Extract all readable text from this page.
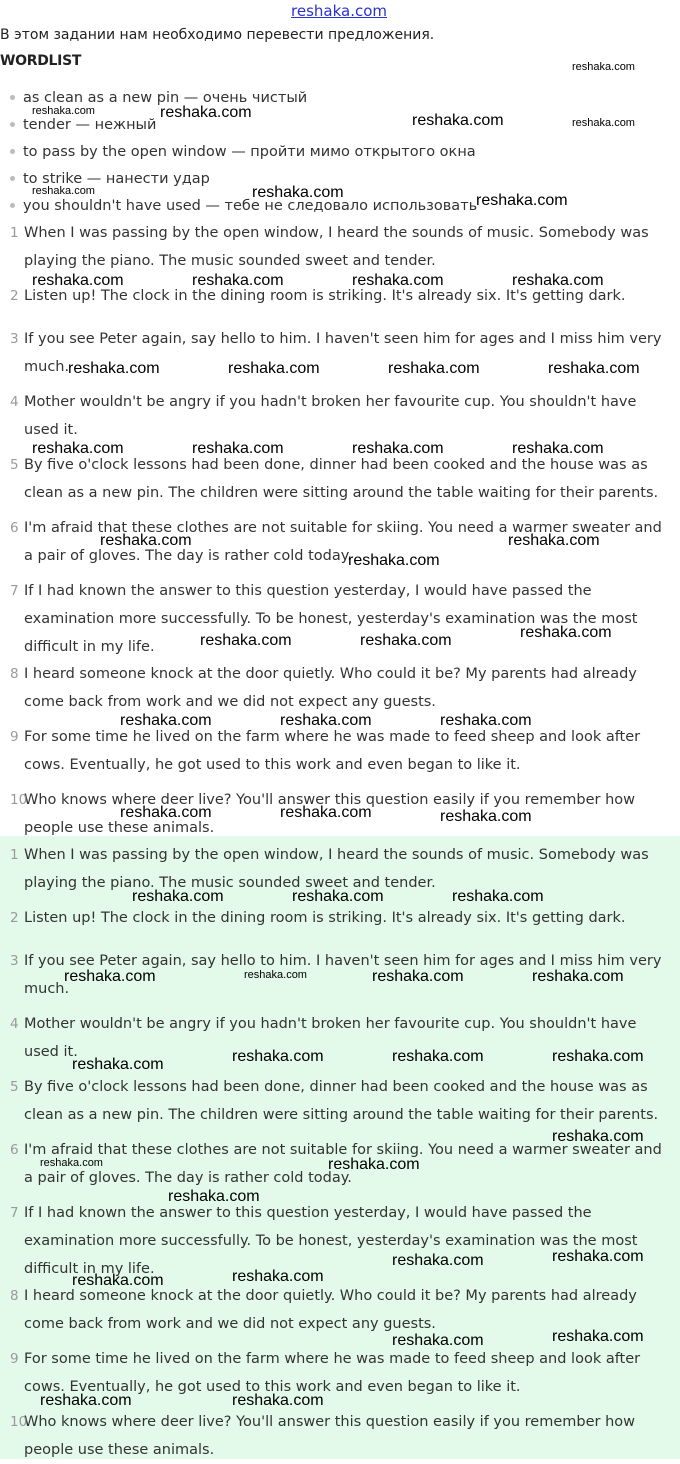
reshaka.com
В этом задании нам необходимо перевести предложения.
WORDLIST
as clean as a new pin — очень чистый
tender — нежный
to pass by the open window — пройти мимо открытого окна
to strike — нанести удар
you shouldn't have used — тебе не следовало использовать
1 When I was passing by the open window, I heard the sounds of music. Somebody was playing the piano. The music sounded sweet and tender.
2 Listen up! The clock in the dining room is striking. It's already six. It's getting dark.
3 If you see Peter again, say hello to him. I haven't seen him for ages and I miss him very much.
4 Mother wouldn't be angry if you hadn't broken her favourite cup. You shouldn't have used it.
5 By five o'clock lessons had been done, dinner had been cooked and the house was as clean as a new pin. The children were sitting around the table waiting for their parents.
6 I'm afraid that these clothes are not suitable for skiing. You need a warmer sweater and a pair of gloves. The day is rather cold today.
7 If I had known the answer to this question yesterday, I would have passed the examination more successfully. To be honest, yesterday's examination was the most difficult in my life.
8 I heard someone knock at the door quietly. Who could it be? My parents had already come back from work and we did not expect any guests.
9 For some time he lived on the farm where he was made to feed sheep and look after cows. Eventually, he got used to this work and even began to like it.
10
Who knows where deer live? You'll answer this question easily if you remember how people use these animals.
1 When I was passing by the open window, I heard the sounds of music. Somebody was playing the piano. The music sounded sweet and tender.
2 Listen up! The clock in the dining room is striking. It's already six. It's getting dark.
3 If you see Peter again, say hello to him. I haven't seen him for ages and I miss him very much.
4 Mother wouldn't be angry if you hadn't broken her favourite cup. You shouldn't have used it.
5 By five o'clock lessons had been done, dinner had been cooked and the house was as clean as a new pin. The children were sitting around the table waiting for their parents.
6 I'm afraid that these clothes are not suitable for skiing. You need a warmer sweater and a pair of gloves. The day is rather cold today.
7 If I had known the answer to this question yesterday, I would have passed the examination more successfully. To be honest, yesterday's examination was the most difficult in my life.
8 I heard someone knock at the door quietly. Who could it be? My parents had already come back from work and we did not expect any guests.
9 For some time he lived on the farm where he was made to feed sheep and look after cows. Eventually, he got used to this work and even began to like it.
10
Who knows where deer live? You'll answer this question easily if you remember how people use these animals.
reshaka.com
reshaka.com	reshaka.com	reshaka.com	reshaka.com
reshaka.com	reshaka.com	reshaka.com
reshaka.com	reshaka.com	reshaka.com	reshaka.com
reshaka.com	reshaka.com	reshaka.com	reshaka.com
reshaka.com	reshaka.com	reshaka.com	reshaka.com
reshaka.com
reshaka.com
reshaka.com
reshaka.com	reshaka.com	reshaka.com
reshaka.com	reshaka.com	reshaka.com
reshaka.com	reshaka.com	reshaka.com
reshaka.com	reshaka.com	reshaka.com
reshaka.com	reshaka.com	reshaka.com	reshaka.com
reshaka.com	reshaka.com	reshaka.com	reshaka.com
reshaka.com
reshaka.com	reshaka.com
reshaka.com
reshaka.com
reshaka.com
reshaka.com	reshaka.com
reshaka.com	reshaka.com
reshaka.com	reshaka.com
